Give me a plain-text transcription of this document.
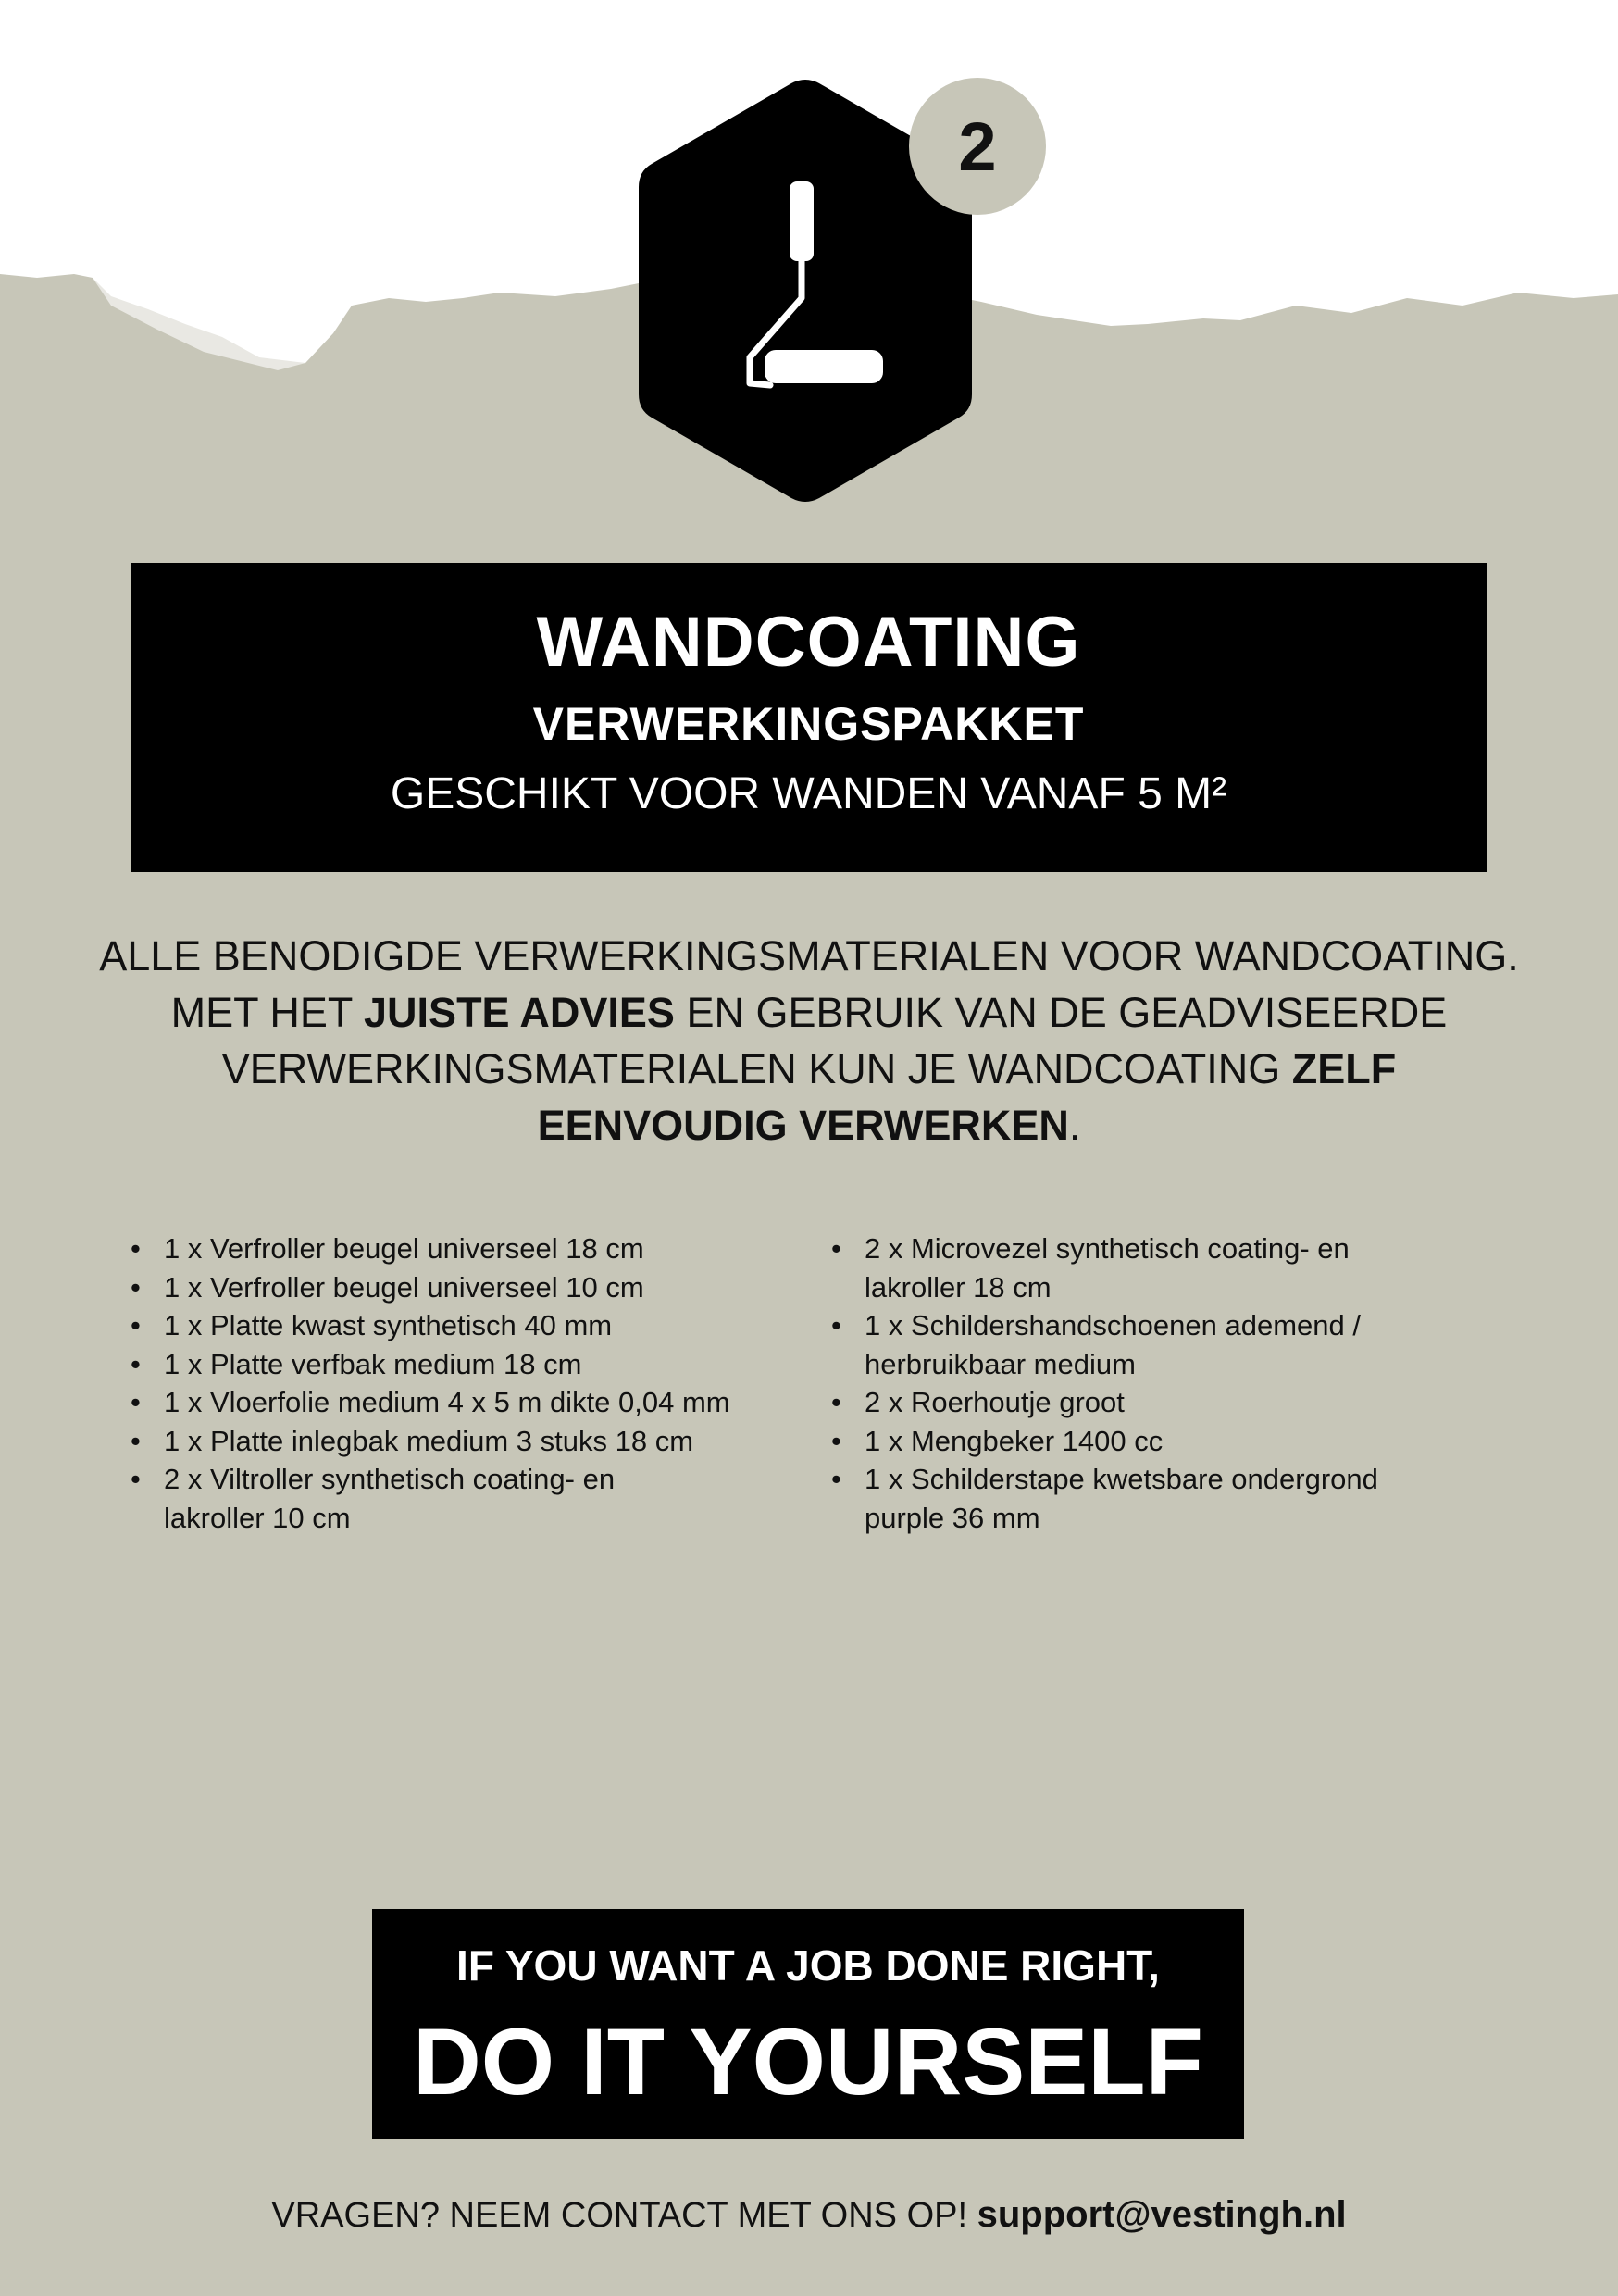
2
WANDCOATING
VERWERKINGSPAKKET
GESCHIKT VOOR WANDEN VANAF 5 M²
ALLE BENODIGDE VERWERKINGSMATERIALEN VOOR WANDCOATING. MET HET JUISTE ADVIES EN GEBRUIK VAN DE GEADVISEERDE VERWERKINGSMATERIALEN KUN JE WANDCOATING ZELF EENVOUDIG VERWERKEN.
• 1 x Verfroller beugel universeel 18 cm
• 1 x Verfroller beugel universeel 10 cm
• 1 x Platte kwast synthetisch 40 mm
• 1 x Platte verfbak medium 18 cm
• 1 x Vloerfolie medium 4 x 5 m dikte 0,04 mm
• 1 x Platte inlegbak medium 3 stuks 18 cm
• 2 x Viltroller synthetisch coating- en
lakroller 10 cm
• 2 x Microvezel synthetisch coating- en
lakroller 18 cm
• 1 x Schildershandschoenen ademend /
herbruikbaar medium
• 2 x Roerhoutje groot
• 1 x Mengbeker 1400 cc
• 1 x Schilderstape kwetsbare ondergrond
purple 36 mm
IF YOU WANT A JOB DONE RIGHT,
DO IT YOURSELF
VRAGEN? NEEM CONTACT MET ONS OP! support@vestingh.nl
